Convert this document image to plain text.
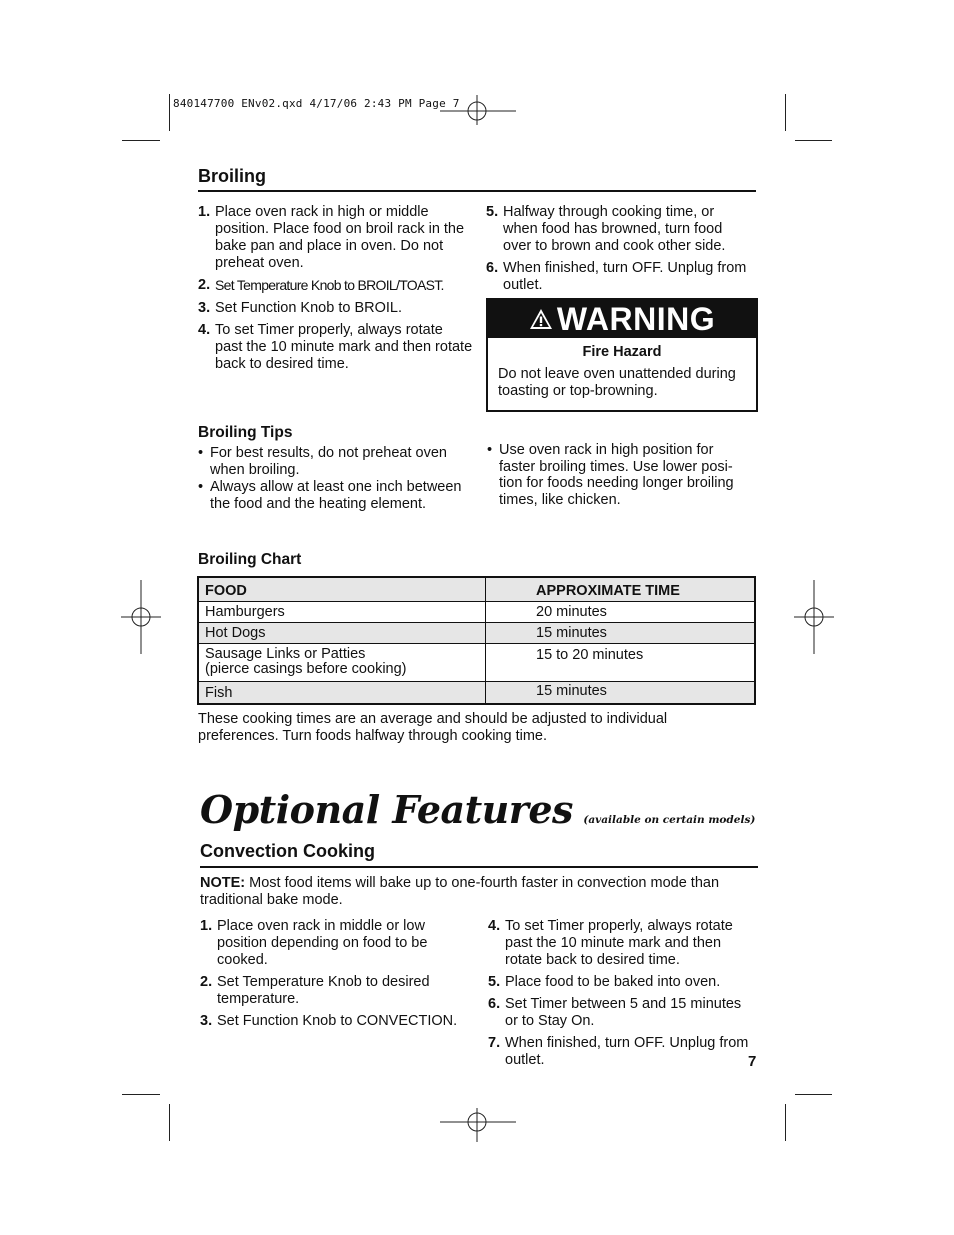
840147700 ENv02.qxd 4/17/06 2:43 PM Page 7
Broiling
1. Place oven rack in high or middle position. Place food on broil rack in the bake pan and place in oven. Do not preheat oven.
2. Set Temperature Knob to BROIL/TOAST.
3. Set Function Knob to BROIL.
4. To set Timer properly, always rotate past the 10 minute mark and then rotate back to desired time.
5. Halfway through cooking time, or when food has browned, turn food over to brown and cook other side.
6. When finished, turn OFF. Unplug from outlet.
WARNING
Fire Hazard
Do not leave oven unattended during toasting or top-browning.
Broiling Tips
• For best results, do not preheat oven when broiling.
• Always allow at least one inch between the food and the heating element.
• Use oven rack in high position for faster broiling times. Use lower posi-tion for foods needing longer broiling times, like chicken.
Broiling Chart
FOOD	APPROXIMATE TIME
Hamburgers	20 minutes
Hot Dogs	15 minutes
Sausage Links or Patties
(pierce casings before cooking)	15 to 20 minutes
Fish	15 minutes
These cooking times are an average and should be adjusted to individual preferences. Turn foods halfway through cooking time.
Optional Features (available on certain models)
Convection Cooking
NOTE: Most food items will bake up to one-fourth faster in convection mode than traditional bake mode.
1. Place oven rack in middle or low position depending on food to be cooked.
2. Set Temperature Knob to desired temperature.
3. Set Function Knob to CONVECTION.
4. To set Timer properly, always rotate past the 10 minute mark and then rotate back to desired time.
5. Place food to be baked into oven.
6. Set Timer between 5 and 15 minutes or to Stay On.
7. When finished, turn OFF. Unplug from outlet.	7
